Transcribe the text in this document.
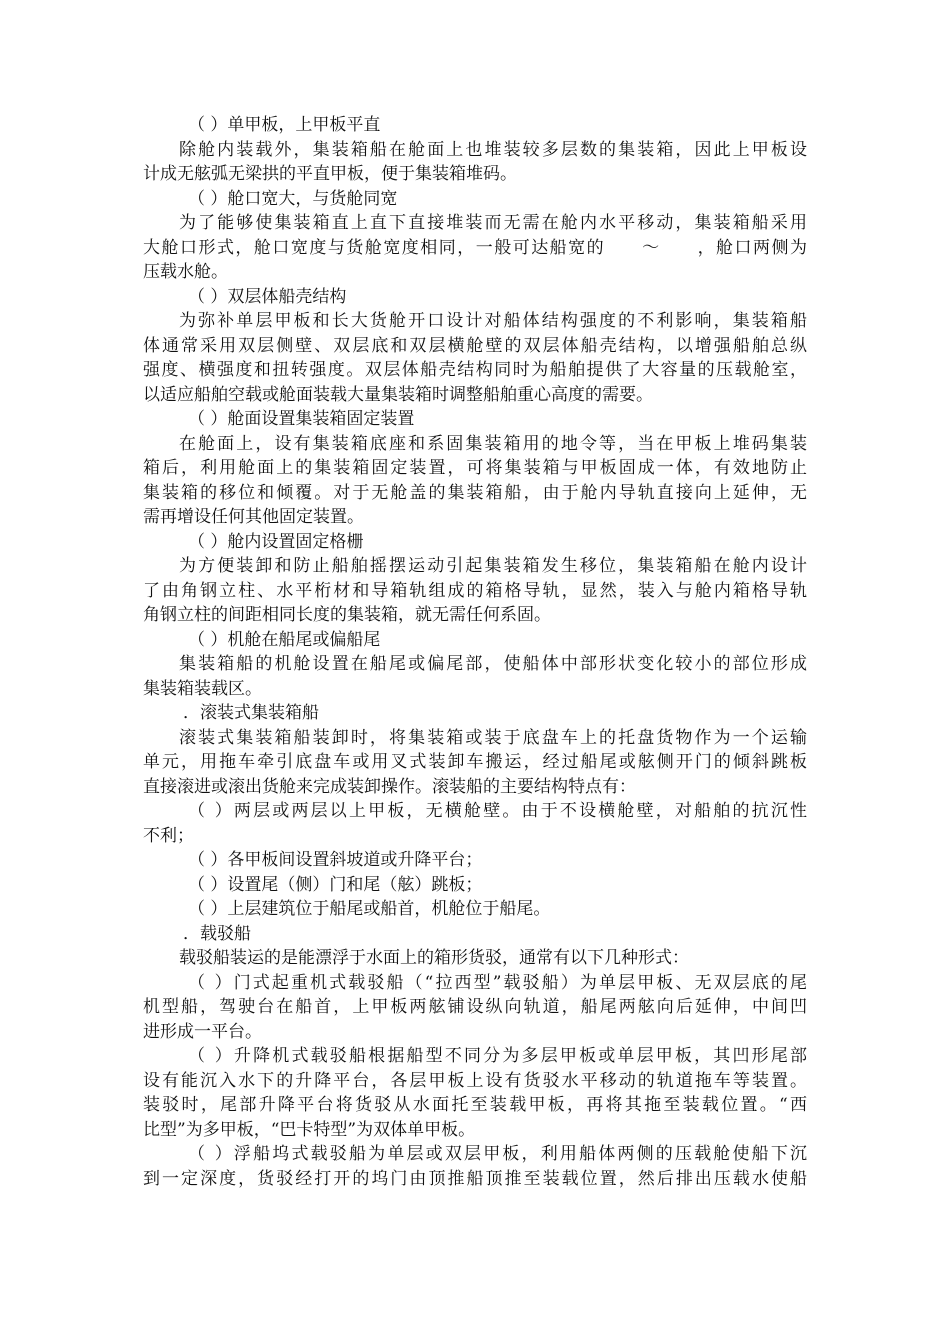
（ ）单甲板，上甲板平直
除舱内装载外，集装箱船在舱面上也堆装较多层数的集装箱，因此上甲板设
计成无舷弧无梁拱的平直甲板，便于集装箱堆码。
（ ）舱口宽大，与货舱同宽
为了能够使集装箱直上直下直接堆装而无需在舱内水平移动，集装箱船采用
大舱口形式，舱口宽度与货舱宽度相同，一般可达船宽的　　～　　，舱口两侧为
压载水舱。
（ ）双层体船壳结构
为弥补单层甲板和长大货舱开口设计对船体结构强度的不利影响，集装箱船
体通常采用双层侧壁、双层底和双层横舱壁的双层体船壳结构，以增强船舶总纵
强度、横强度和扭转强度。双层体船壳结构同时为船舶提供了大容量的压载舱室，
以适应船舶空载或舱面装载大量集装箱时调整船舶重心高度的需要。
（ ）舱面设置集装箱固定装置
在舱面上，设有集装箱底座和系固集装箱用的地令等，当在甲板上堆码集装
箱后，利用舱面上的集装箱固定装置，可将集装箱与甲板固成一体，有效地防止
集装箱的移位和倾覆。对于无舱盖的集装箱船，由于舱内导轨直接向上延伸，无
需再增设任何其他固定装置。
（ ）舱内设置固定格栅
为方便装卸和防止船舶摇摆运动引起集装箱发生移位，集装箱船在舱内设计
了由角钢立柱、水平桁材和导箱轨组成的箱格导轨，显然，装入与舱内箱格导轨
角钢立柱的间距相同长度的集装箱，就无需任何系固。
（ ）机舱在船尾或偏船尾
集装箱船的机舱设置在船尾或偏尾部，使船体中部形状变化较小的部位形成
集装箱装载区。
．滚装式集装箱船
滚装式集装箱船装卸时，将集装箱或装于底盘车上的托盘货物作为一个运输
单元，用拖车牵引底盘车或用叉式装卸车搬运，经过船尾或舷侧开门的倾斜跳板
直接滚进或滚出货舱来完成装卸操作。滚装船的主要结构特点有：
（ ）两层或两层以上甲板，无横舱壁。由于不设横舱壁，对船舶的抗沉性
不利；
（ ）各甲板间设置斜坡道或升降平台；
（ ）设置尾（侧）门和尾（舷）跳板；
（ ）上层建筑位于船尾或船首，机舱位于船尾。
．载驳船
载驳船装运的是能漂浮于水面上的箱形货驳，通常有以下几种形式：
（ ）门式起重机式载驳船（“拉西型”载驳船）为单层甲板、无双层底的尾
机型船，驾驶台在船首，上甲板两舷铺设纵向轨道，船尾两舷向后延伸，中间凹
进形成一平台。
（ ）升降机式载驳船根据船型不同分为多层甲板或单层甲板，其凹形尾部
设有能沉入水下的升降平台，各层甲板上设有货驳水平移动的轨道拖车等装置。
装驳时，尾部升降平台将货驳从水面托至装载甲板，再将其拖至装载位置。“西
比型”为多甲板，“巴卡特型”为双体单甲板。
（ ）浮船坞式载驳船为单层或双层甲板，利用船体两侧的压载舱使船下沉
到一定深度，货驳经打开的坞门由顶推船顶推至装载位置，然后排出压载水使船
